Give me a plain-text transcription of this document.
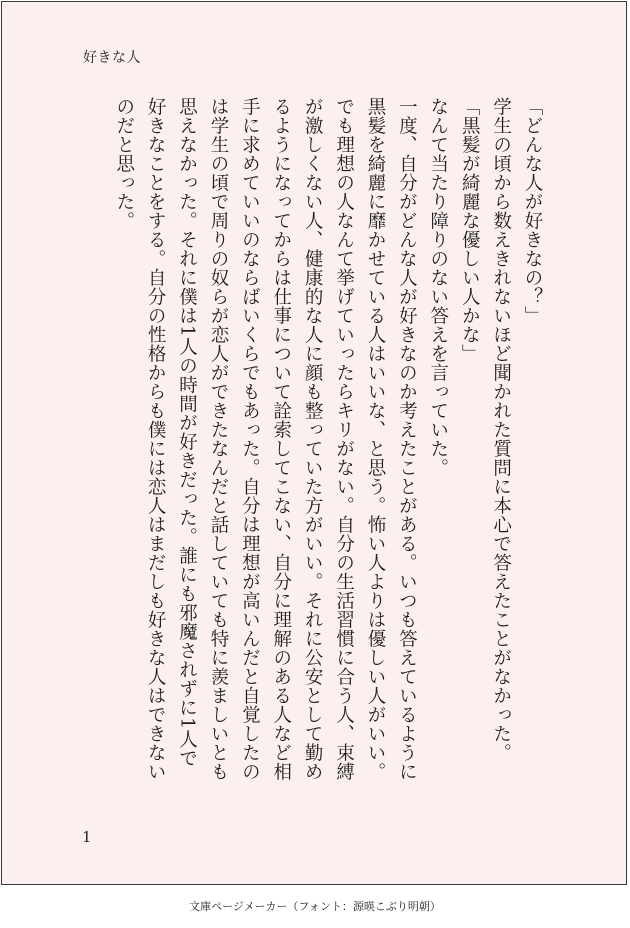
好きな人
「どんな人が好きなの？」
学生の頃から数えきれないほど聞かれた質問に本心で答えたことがなかった。
「黒髪が綺麗な優しい人かな」
なんて当たり障りのない答えを言っていた。
一度、自分がどんな人が好きなのか考えたことがある。いつも答えているように
黒髪を綺麗に靡かせている人はいいな、と思う。怖い人よりは優しい人がいい。
でも理想の人なんて挙げていったらキリがない。自分の生活習慣に合う人、束縛
が激しくない人、健康的な人に顔も整っていた方がいい。それに公安として勤め
るようになってからは仕事について詮索してこない、自分に理解のある人など相
手に求めていいのならばいくらでもあった。自分は理想が高いんだと自覚したの
は学生の頃で周りの奴らが恋人ができたなんだと話していても特に羨ましいとも
思えなかった。それに僕は1人の時間が好きだった。誰にも邪魔されずに1人で
好きなことをする。自分の性格からも僕には恋人はまだしも好きな人はできない
のだと思った。
1
文庫ページメーカー（フォント：源暎こぶり明朝）
